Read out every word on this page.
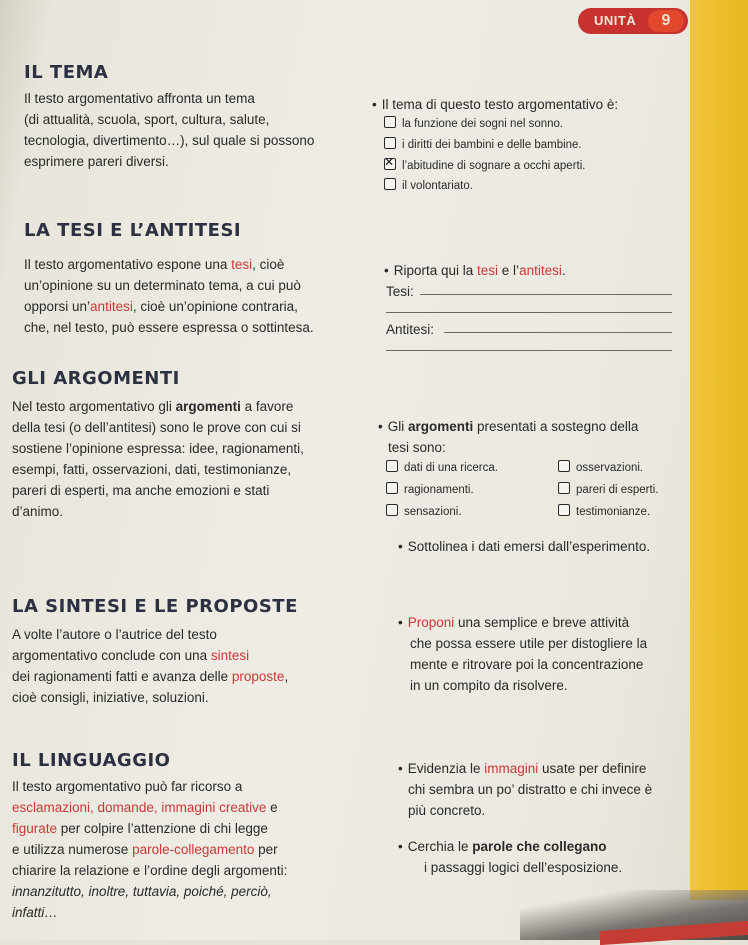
UNITÀ	9
IL TEMA
Il testo argomentativo affronta un tema
(di attualità, scuola, sport, cultura, salute,
tecnologia, divertimento…), sul quale si possono
esprimere pareri diversi.
• Il tema di questo testo argomentativo è:
la funzione dei sogni nel sonno.
i diritti dei bambini e delle bambine.
✕l’abitudine di sognare a occhi aperti.
il volontariato.
LA TESI E L’ANTITESI
Il testo argomentativo espone una tesi, cioè
un’opinione su un determinato tema, a cui può
opporsi un’antitesi, cioè un’opinione contraria,
che, nel testo, può essere espressa o sottintesa.
• Riporta qui la tesi e l’antitesi.
Tesi:
Antitesi:
GLI ARGOMENTI
Nel testo argomentativo gli argomenti a favore
della tesi (o dell’antitesi) sono le prove con cui si
sostiene l’opinione espressa: idee, ragionamenti,
esempi, fatti, osservazioni, dati, testimonianze,
pareri di esperti, ma anche emozioni e stati
d’animo.
• Gli argomenti presentati a sostegno della
tesi sono:
dati di una ricerca.
ragionamenti.
sensazioni.
osservazioni.
pareri di esperti.
testimonianze.
• Sottolinea i dati emersi dall’esperimento.
LA SINTESI E LE PROPOSTE
A volte l’autore o l’autrice del testo
argomentativo conclude con una sintesi
dei ragionamenti fatti e avanza delle proposte,
cioè consigli, iniziative, soluzioni.
• Proponi una semplice e breve attività
che possa essere utile per distogliere la
mente e ritrovare poi la concentrazione
in un compito da risolvere.
IL LINGUAGGIO
Il testo argomentativo può far ricorso a
esclamazioni, domande, immagini creative e
figurate per colpire l’attenzione di chi legge
e utilizza numerose parole-collegamento per
chiarire la relazione e l’ordine degli argomenti:
innanzitutto, inoltre, tuttavia, poiché, perciò,
infatti…
• Evidenzia le immagini usate per definire
chi sembra un po’ distratto e chi invece è
più concreto.
• Cerchia le parole che collegano
i passaggi logici dell’esposizione.
